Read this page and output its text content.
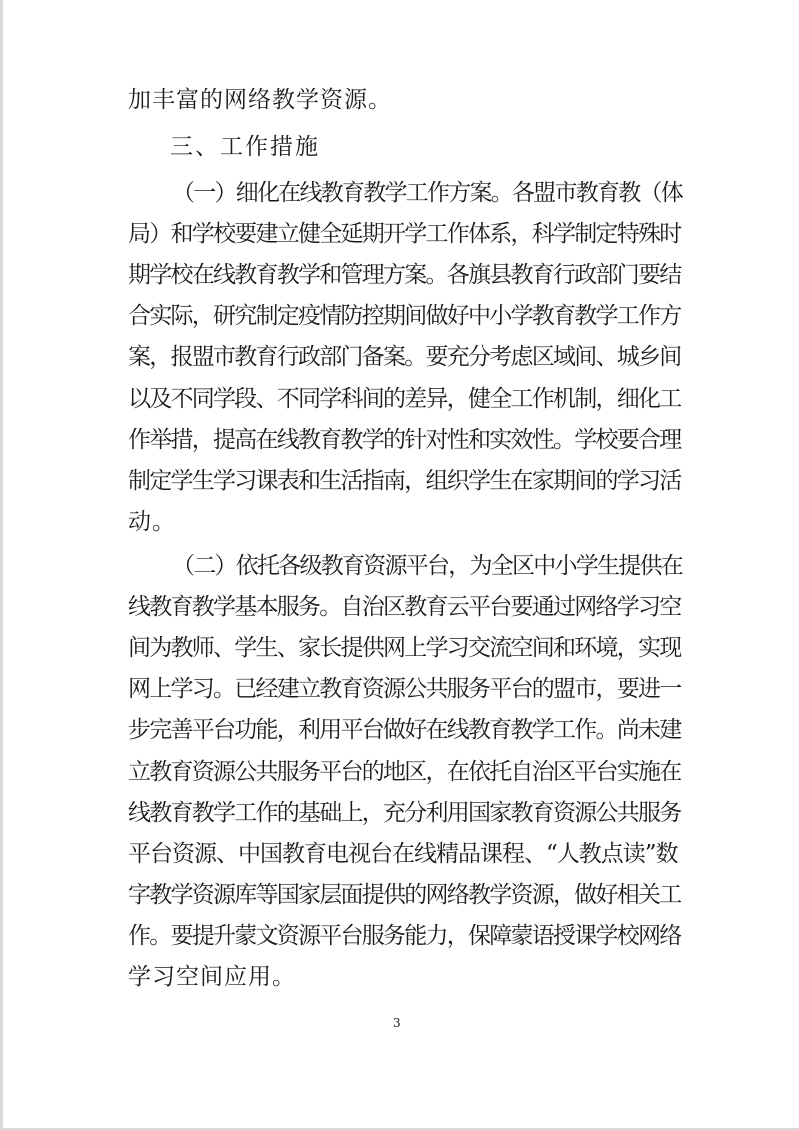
加丰富的网络教学资源。
三、工作措施
（一）细化在线教育教学工作方案。各盟市教育教（体
局）和学校要建立健全延期开学工作体系，科学制定特殊时
期学校在线教育教学和管理方案。各旗县教育行政部门要结
合实际，研究制定疫情防控期间做好中小学教育教学工作方
案，报盟市教育行政部门备案。要充分考虑区域间、城乡间
以及不同学段、不同学科间的差异，健全工作机制，细化工
作举措，提高在线教育教学的针对性和实效性。学校要合理
制定学生学习课表和生活指南，组织学生在家期间的学习活
动。
（二）依托各级教育资源平台，为全区中小学生提供在
线教育教学基本服务。自治区教育云平台要通过网络学习空
间为教师、学生、家长提供网上学习交流空间和环境，实现
网上学习。已经建立教育资源公共服务平台的盟市，要进一
步完善平台功能，利用平台做好在线教育教学工作。尚未建
立教育资源公共服务平台的地区，在依托自治区平台实施在
线教育教学工作的基础上，充分利用国家教育资源公共服务
平台资源、中国教育电视台在线精品课程、“人教点读”数
字教学资源库等国家层面提供的网络教学资源，做好相关工
作。要提升蒙文资源平台服务能力，保障蒙语授课学校网络
学习空间应用。
3
